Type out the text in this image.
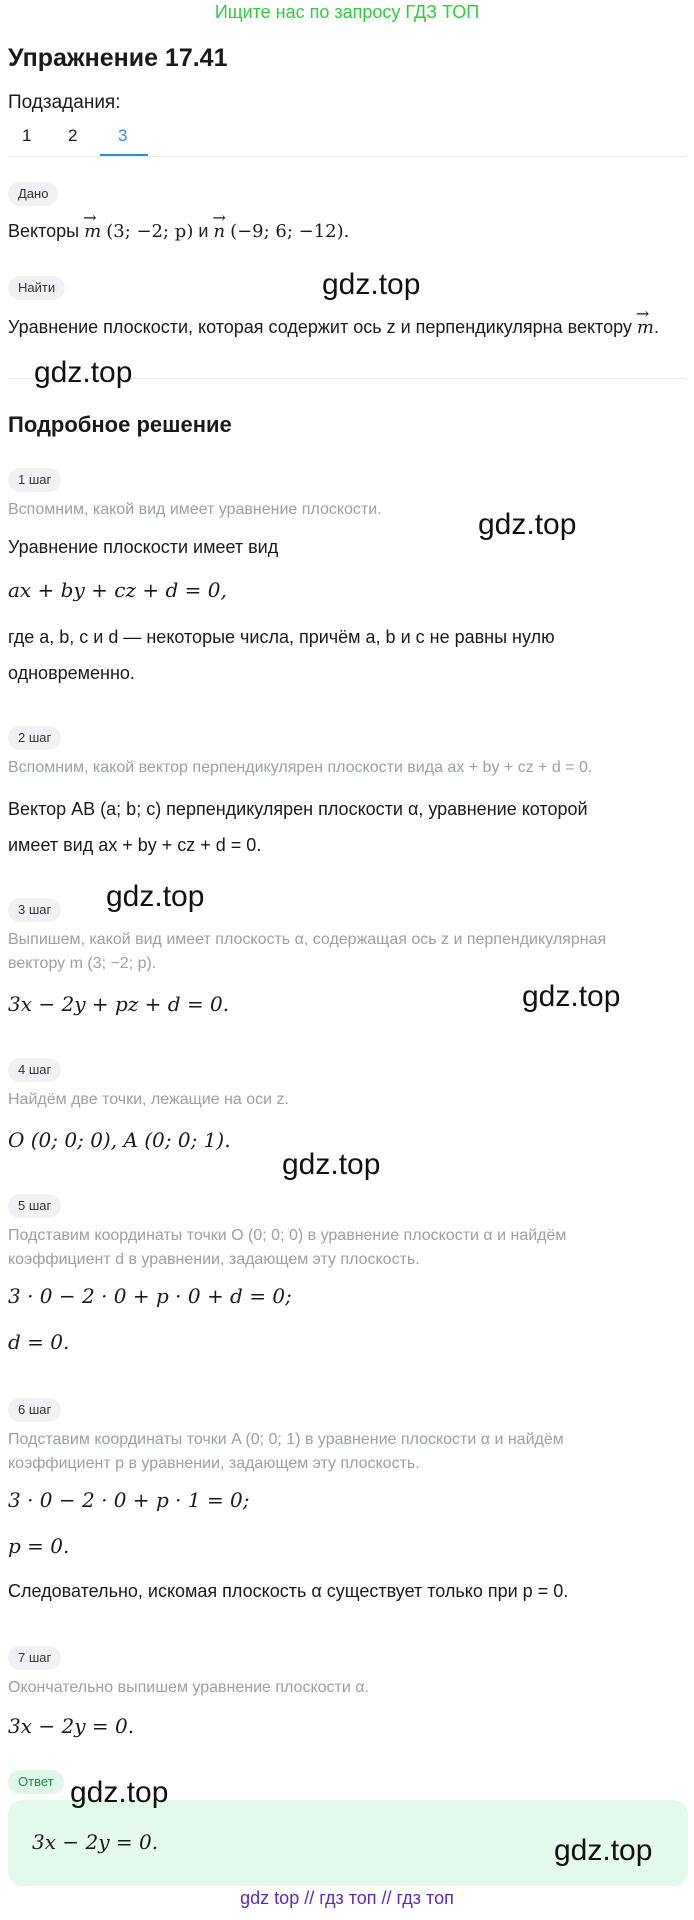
Ищите нас по запросу ГДЗ ТОП
Упражнение 17.41
Подзадания:
1 2 3
Дано
Векторы → m (3; −2; p) и → n (−9; 6; −12).
Найти
Уравнение плоскости, которая содержит ось z и перпендикулярна вектору → m.
Подробное решение
1 шаг
Вспомним, какой вид имеет уравнение плоскости.
Уравнение плоскости имеет вид
ax + by + cz + d = 0,
где a, b, c и d — некоторые числа, причём a, b и c не равны нулю
одновременно.
2 шаг
Вспомним, какой вектор перпендикулярен плоскости вида ax + by + cz + d = 0.
Вектор AB (a; b; c) перпендикулярен плоскости α, уравнение которой
имеет вид ax + by + cz + d = 0.
3 шаг
Выпишем, какой вид имеет плоскость α, содержащая ось z и перпендикулярная
вектору m (3; −2; p).
3x − 2y + pz + d = 0.
4 шаг
Найдём две точки, лежащие на оси z.
O (0; 0; 0), A (0; 0; 1).
5 шаг
Подставим координаты точки O (0; 0; 0) в уравнение плоскости α и найдём
коэффициент d в уравнении, задающем эту плоскость.
3 · 0 − 2 · 0 + p · 0 + d = 0;
d = 0.
6 шаг
Подставим координаты точки A (0; 0; 1) в уравнение плоскости α и найдём
коэффициент p в уравнении, задающем эту плоскость.
3 · 0 − 2 · 0 + p · 1 = 0;
p = 0.
Следовательно, искомая плоскость α существует только при p = 0.
7 шаг
Окончательно выпишем уравнение плоскости α.
3x − 2y = 0.
Ответ
3x − 2y = 0.
gdz.top
gdz.top
gdz.top
gdz.top
gdz.top
gdz.top
gdz.top
gdz.top
gdz top // гдз топ // гдз топ
